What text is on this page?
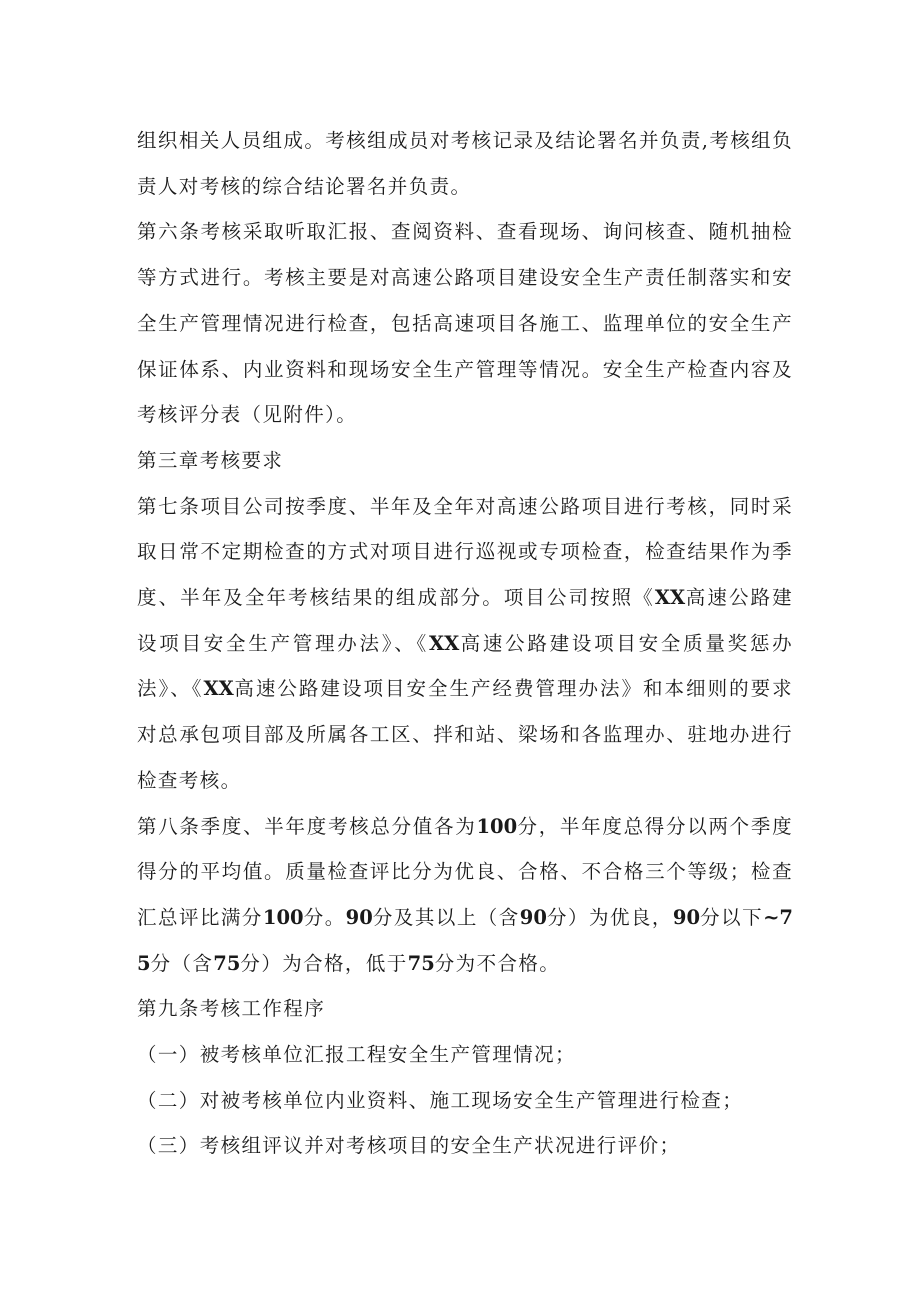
组织相关人员组成。考核组成员对考核记录及结论署名并负责,考核组负责人对考核的综合结论署名并负责。

第六条考核采取听取汇报、查阅资料、查看现场、询问核查、随机抽检等方式进行。考核主要是对高速公路项目建设安全生产责任制落实和安全生产管理情况进行检查，包括高速项目各施工、监理单位的安全生产保证体系、内业资料和现场安全生产管理等情况。安全生产检查内容及考核评分表（见附件）。

第三章考核要求

第七条项目公司按季度、半年及全年对高速公路项目进行考核，同时采取日常不定期检查的方式对项目进行巡视或专项检查，检查结果作为季度、半年及全年考核结果的组成部分。项目公司按照《XX高速公路建设项目安全生产管理办法》、《XX高速公路建设项目安全质量奖惩办法》、《XX高速公路建设项目安全生产经费管理办法》和本细则的要求对总承包项目部及所属各工区、拌和站、梁场和各监理办、驻地办进行检查考核。

第八条季度、半年度考核总分值各为100分，半年度总得分以两个季度得分的平均值。质量检查评比分为优良、合格、不合格三个等级；检查汇总评比满分100分。90分及其以上（含90分）为优良，90分以下~75分（含75分）为合格，低于75分为不合格。

第九条考核工作程序

（一）被考核单位汇报工程安全生产管理情况；

（二）对被考核单位内业资料、施工现场安全生产管理进行检查；

（三）考核组评议并对考核项目的安全生产状况进行评价；
